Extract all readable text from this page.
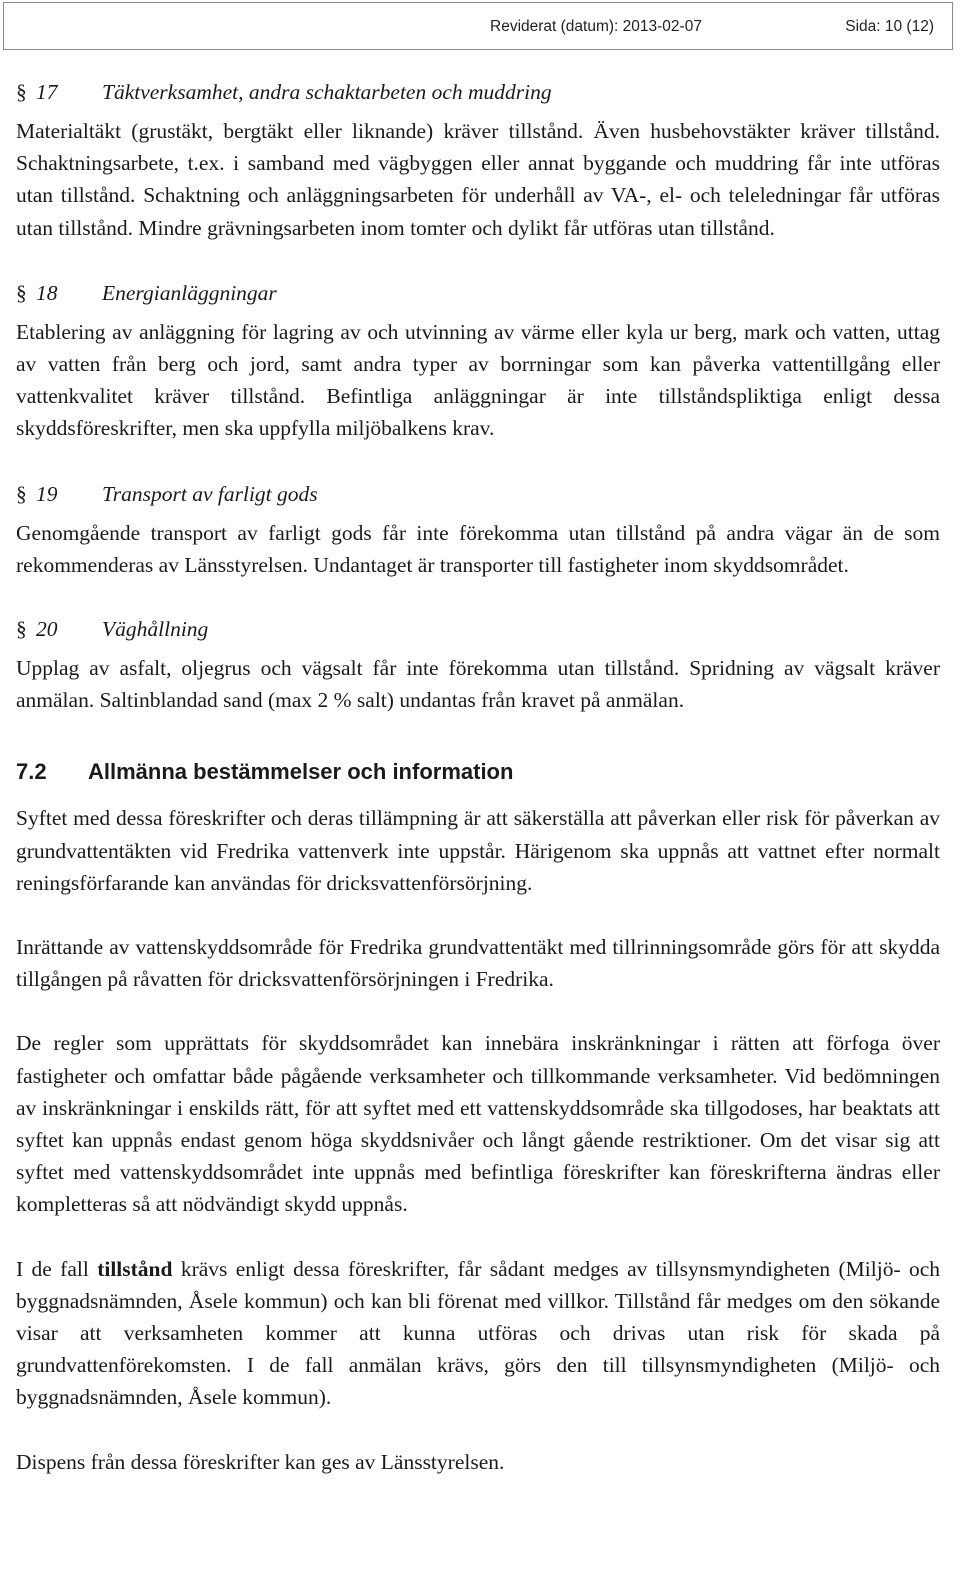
Reviderat (datum): 2013-02-07	Sida: 10 (12)
§ 17 Täktverksamhet, andra schaktarbeten och muddring

Materialtäkt (grustäkt, bergtäkt eller liknande) kräver tillstånd. Även husbehovstäkter kräver tillstånd. Schaktningsarbete, t.ex. i samband med vägbyggen eller annat byggande och muddring får inte utföras utan tillstånd. Schaktning och anläggningsarbeten för underhåll av VA-, el- och teleledningar får utföras utan tillstånd. Mindre grävningsarbeten inom tomter och dylikt får utföras utan tillstånd.

§ 18 Energianläggningar

Etablering av anläggning för lagring av och utvinning av värme eller kyla ur berg, mark och vatten, uttag av vatten från berg och jord, samt andra typer av borrningar som kan påverka vattentillgång eller vattenkvalitet kräver tillstånd. Befintliga anläggningar är inte tillståndspliktiga enligt dessa skyddsföreskrifter, men ska uppfylla miljöbalkens krav.

§ 19 Transport av farligt gods

Genomgående transport av farligt gods får inte förekomma utan tillstånd på andra vägar än de som rekommenderas av Länsstyrelsen. Undantaget är transporter till fastigheter inom skyddsområdet.

§ 20 Väghållning

Upplag av asfalt, oljegrus och vägsalt får inte förekomma utan tillstånd. Spridning av vägsalt kräver anmälan. Saltinblandad sand (max 2 % salt) undantas från kravet på anmälan.

7.2 Allmänna bestämmelser och information

Syftet med dessa föreskrifter och deras tillämpning är att säkerställa att påverkan eller risk för påverkan av grundvattentäkten vid Fredrika vattenverk inte uppstår. Härigenom ska uppnås att vattnet efter normalt reningsförfarande kan användas för dricksvattenförsörjning.

Inrättande av vattenskyddsområde för Fredrika grundvattentäkt med tillrinningsområde görs för att skydda tillgången på råvatten för dricksvattenförsörjningen i Fredrika.

De regler som upprättats för skyddsområdet kan innebära inskränkningar i rätten att förfoga över fastigheter och omfattar både pågående verksamheter och tillkommande verksamheter. Vid bedömningen av inskränkningar i enskilds rätt, för att syftet med ett vattenskyddsområde ska tillgodoses, har beaktats att syftet kan uppnås endast genom höga skyddsnivåer och långt gående restriktioner. Om det visar sig att syftet med vattenskyddsområdet inte uppnås med befintliga föreskrifter kan föreskrifterna ändras eller kompletteras så att nödvändigt skydd uppnås.

I de fall tillstånd krävs enligt dessa föreskrifter, får sådant medges av tillsynsmyndigheten (Miljö- och byggnadsnämnden, Åsele kommun) och kan bli förenat med villkor. Tillstånd får medges om den sökande visar att verksamheten kommer att kunna utföras och drivas utan risk för skada på grundvattenförekomsten. I de fall anmälan krävs, görs den till tillsynsmyndigheten (Miljö- och byggnadsnämnden, Åsele kommun).

Dispens från dessa föreskrifter kan ges av Länsstyrelsen.
